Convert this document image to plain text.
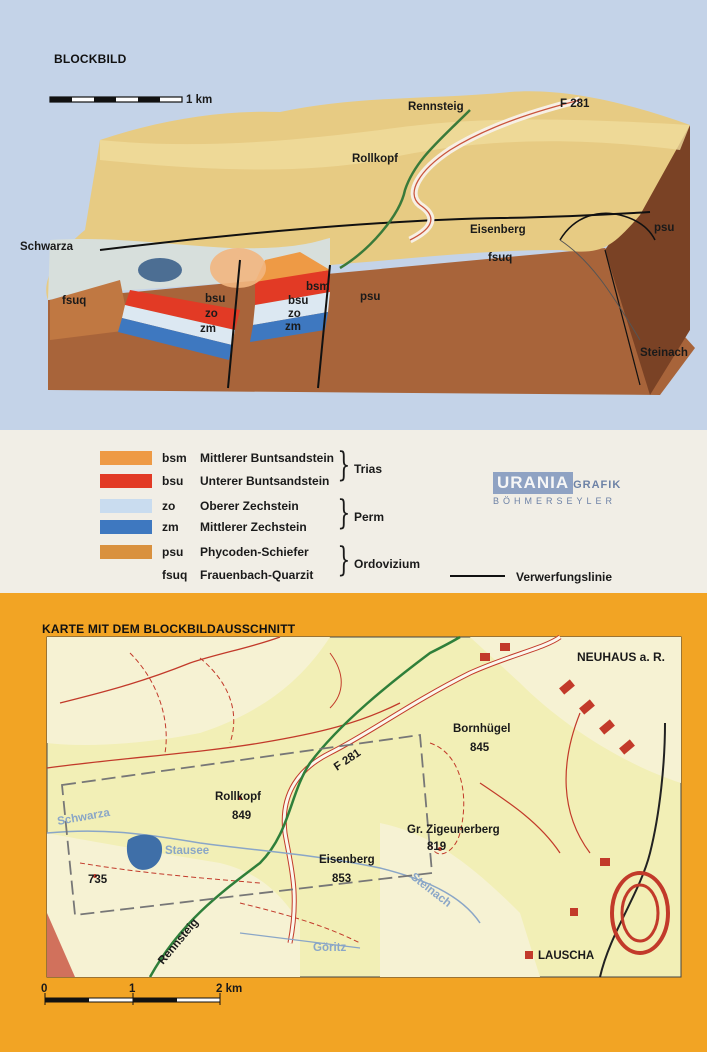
BLOCKBILD
1 km
Rennsteig	F 281
Rollkopf
Eisenberg
Schwarza
fsuq
fsuq
psu
psu
Steinach
bsm
bsu	bsu
zo	zo
zm	zm
bsm	Mittlerer Buntsandstein
bsu	Unterer Buntsandstein
zo	Oberer Zechstein
zm	Mittlerer Zechstein
psu	Phycoden-Schiefer
fsuq	Frauenbach-Quarzit
} Trias
} Perm
} Ordovizium
Verwerfungslinie
URANIA GRAFIK
BÖHMERSEYLER
KARTE MIT DEM BLOCKBILDAUSSCHNITT
NEUHAUS a. R.
Bornhügel
845
F 281
Rollkopf
849
Gr. Zigeunerberg
819
Schwarza
Stausee
Eisenberg
853
735	Steinach
Rennsteig	Göritz
LAUSCHA
0	1	2 km
